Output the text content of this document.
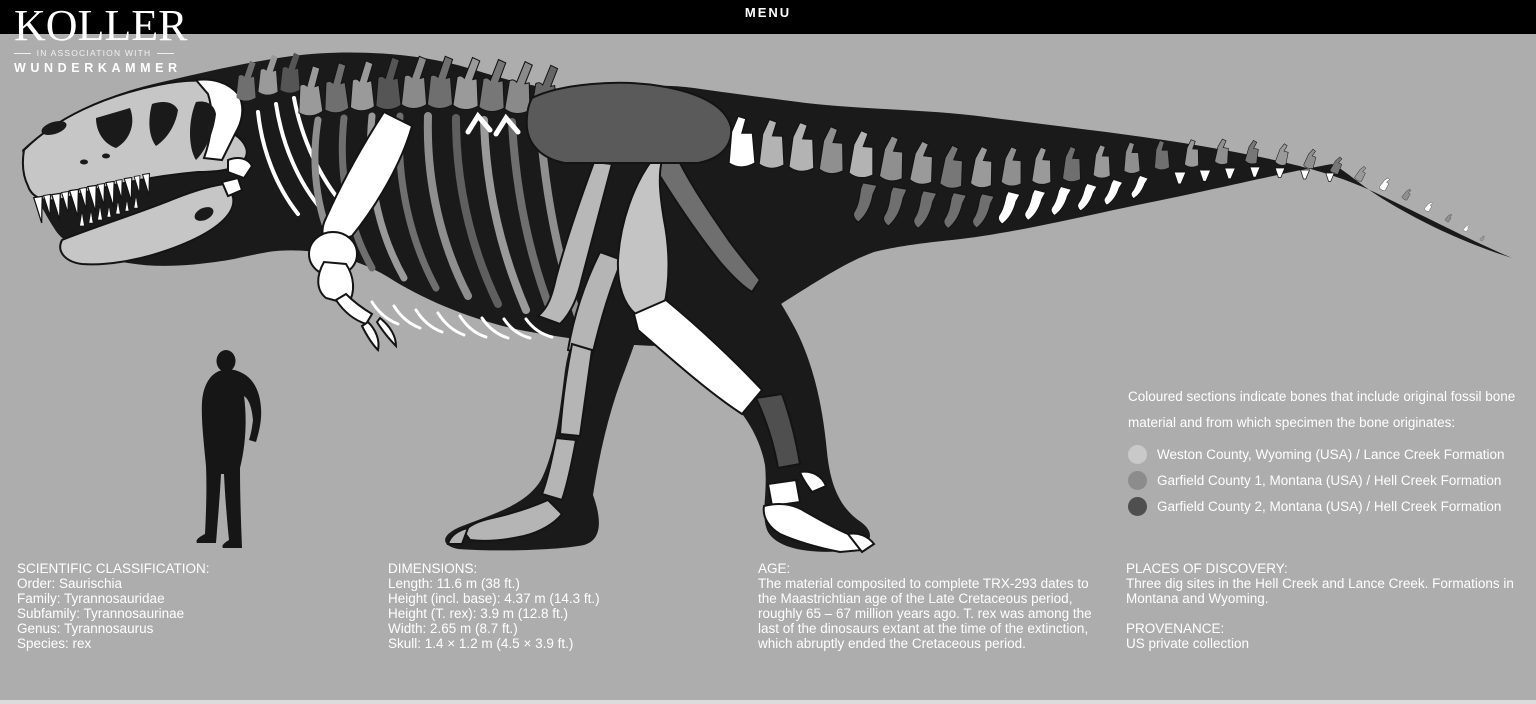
MENU
KOLLER
IN ASSOCIATION WITH
WUNDERKAMMER
Coloured sections indicate bones that include original fossil bone
material and from which specimen the bone originates:
Weston County, Wyoming (USA) / Lance Creek Formation
Garfield County 1, Montana (USA) / Hell Creek Formation
Garfield County 2, Montana (USA) / Hell Creek Formation
SCIENTIFIC CLASSIFICATION:
Order: Saurischia
Family: Tyrannosauridae
Subfamily: Tyrannosaurinae
Genus: Tyrannosaurus
Species: rex
DIMENSIONS:
Length: 11.6 m (38 ft.)
Height (incl. base): 4.37 m (14.3 ft.)
Height (T. rex): 3.9 m (12.8 ft.)
Width: 2.65 m (8.7 ft.)
Skull: 1.4 × 1.2 m (4.5 × 3.9 ft.)
AGE:
The material composited to complete TRX-293 dates to
the Maastrichtian age of the Late Cretaceous period,
roughly 65 – 67 million years ago. T. rex was among the
last of the dinosaurs extant at the time of the extinction,
which abruptly ended the Cretaceous period.
PLACES OF DISCOVERY:
Three dig sites in the Hell Creek and Lance Creek. Formations in
Montana and Wyoming.
PROVENANCE:
US private collection
